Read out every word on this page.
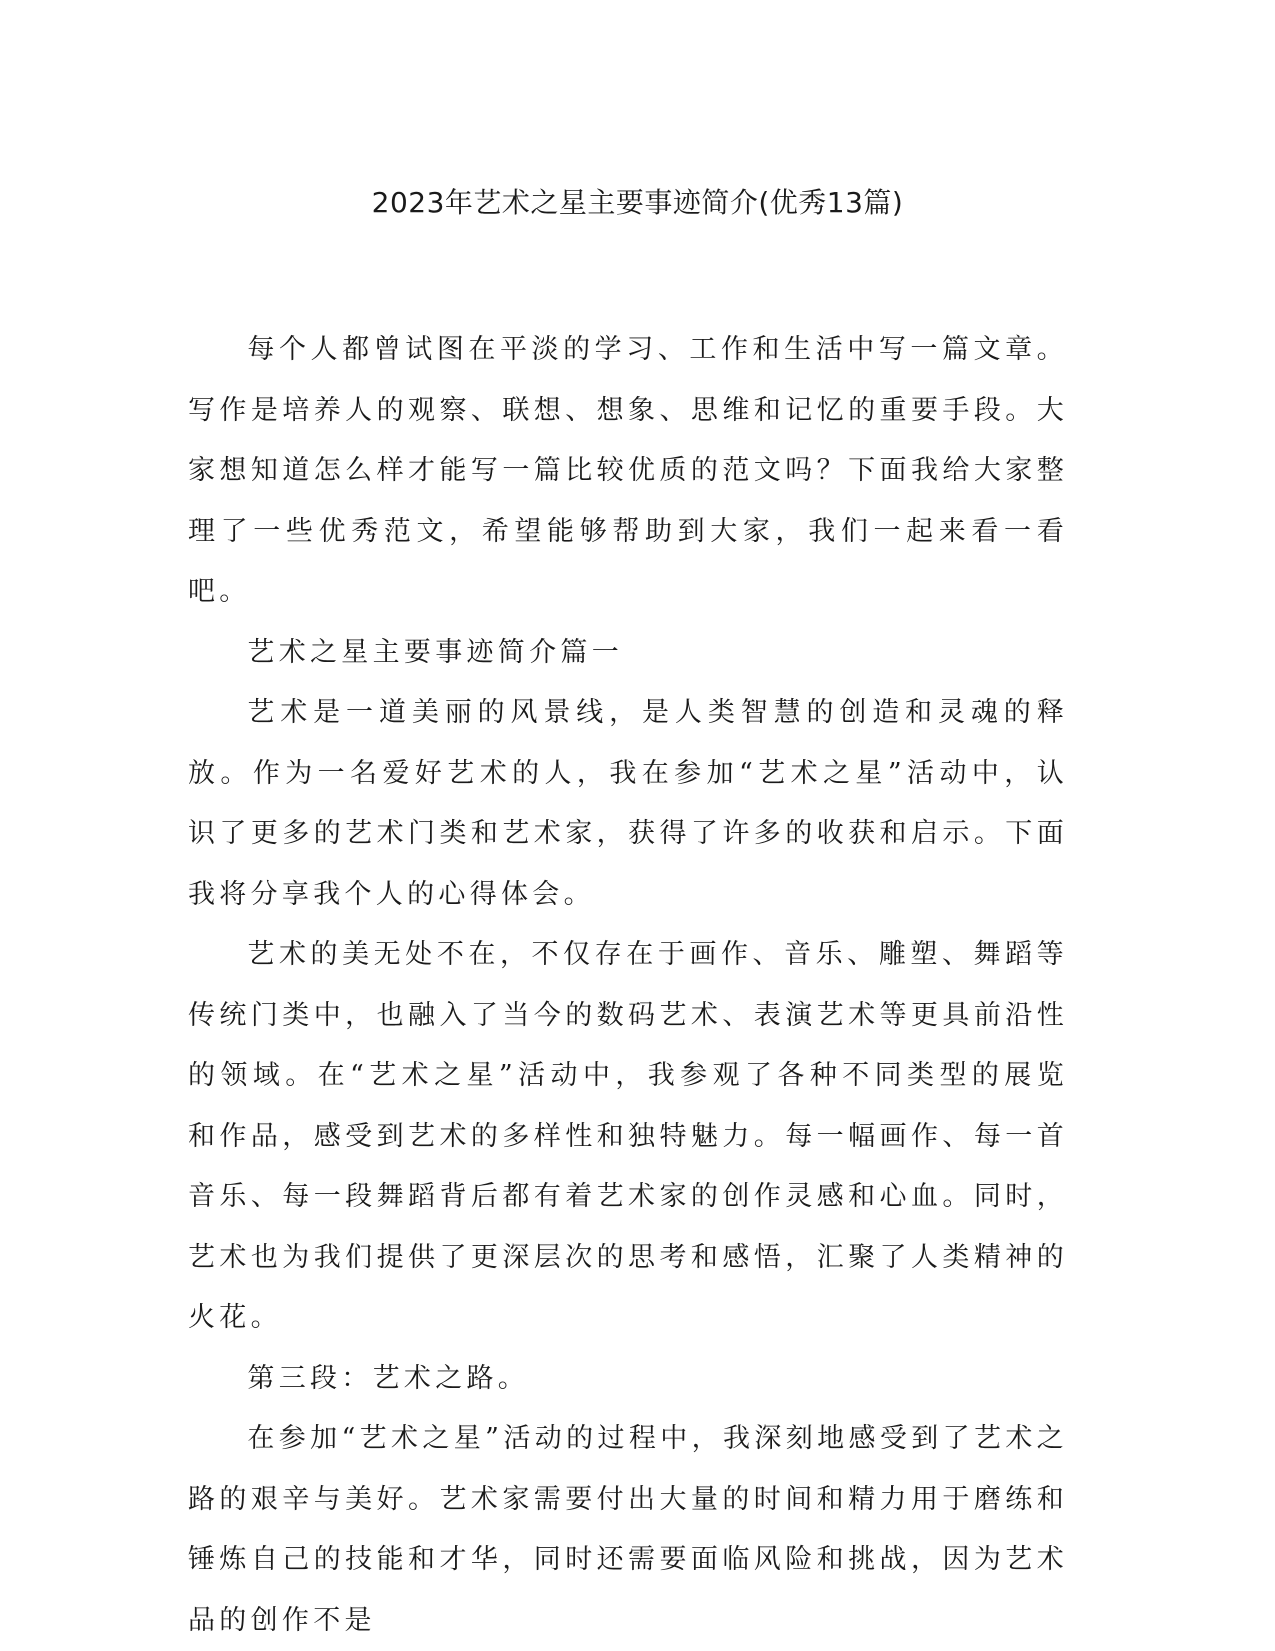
2023年艺术之星主要事迹简介(优秀13篇)

每个人都曾试图在平淡的学习、工作和生活中写一篇文章。写作是培养人的观察、联想、想象、思维和记忆的重要手段。大家想知道怎么样才能写一篇比较优质的范文吗？下面我给大家整理了一些优秀范文，希望能够帮助到大家，我们一起来看一看吧。

艺术之星主要事迹简介篇一

艺术是一道美丽的风景线，是人类智慧的创造和灵魂的释放。作为一名爱好艺术的人，我在参加“艺术之星”活动中，认识了更多的艺术门类和艺术家，获得了许多的收获和启示。下面我将分享我个人的心得体会。

艺术的美无处不在，不仅存在于画作、音乐、雕塑、舞蹈等传统门类中，也融入了当今的数码艺术、表演艺术等更具前沿性的领域。在“艺术之星”活动中，我参观了各种不同类型的展览和作品，感受到艺术的多样性和独特魅力。每一幅画作、每一首音乐、每一段舞蹈背后都有着艺术家的创作灵感和心血。同时，艺术也为我们提供了更深层次的思考和感悟，汇聚了人类精神的火花。

第三段：艺术之路。

在参加“艺术之星”活动的过程中，我深刻地感受到了艺术之路的艰辛与美好。艺术家需要付出大量的时间和精力用于磨练和锤炼自己的技能和才华，同时还需要面临风险和挑战，因为艺术品的创作不是
